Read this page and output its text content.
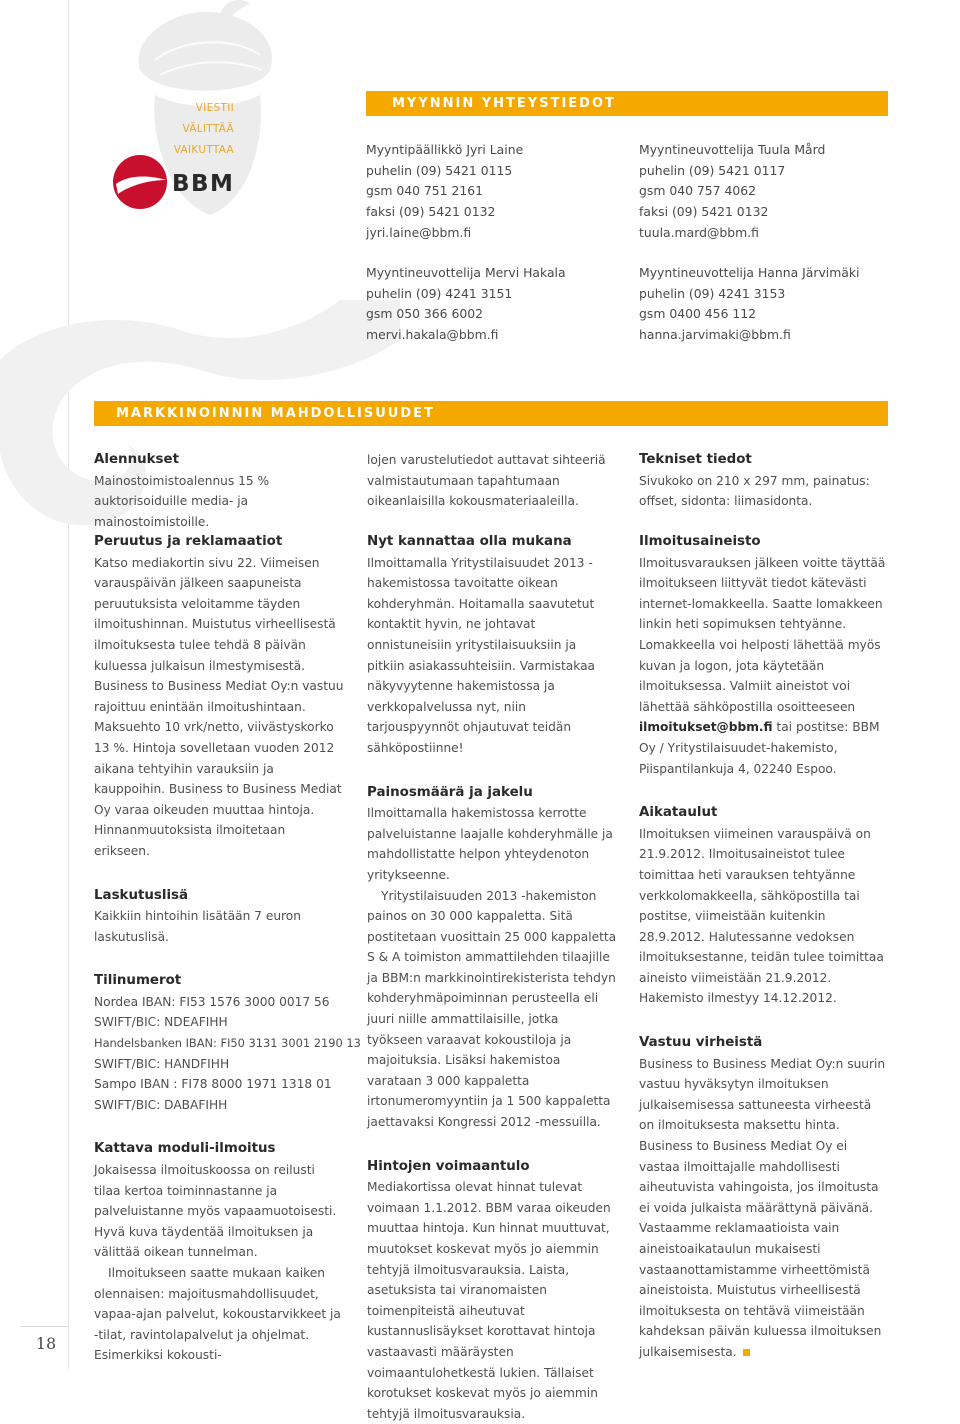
VIESTII
VÄLITTÄÄ
VAIKUTTAA
BBM
MYYNNIN YHTEYSTIEDOT
Myyntipäällikkö Jyri Laine
puhelin (09) 5421 0115
gsm 040 751 2161
faksi (09) 5421 0132
jyri.laine@bbm.fi
Myyntineuvottelija Tuula Mård
puhelin (09) 5421 0117
gsm 040 757 4062
faksi (09) 5421 0132
tuula.mard@bbm.fi
Myyntineuvottelija Mervi Hakala
puhelin (09) 4241 3151
gsm 050 366 6002
mervi.hakala@bbm.fi
Myyntineuvottelija Hanna Järvimäki
puhelin (09) 4241 3153
gsm 0400 456 112
hanna.jarvimaki@bbm.fi
MARKKINOINNIN MAHDOLLISUUDET
Alennukset

Mainostoimistoalennus 15 % auktorisoiduille media- ja mainostoimistoille.

lojen varustelutiedot auttavat sihteeriä valmistautumaan tapahtumaan oikeanlaisilla kokousmateriaaleilla.

Tekniset tiedot

Sivukoko on 210 x 297 mm, painatus: offset, sidonta: liimasidonta.

Peruutus ja reklamaatiot

Katso mediakortin sivu 22. Viimeisen varauspäivän jälkeen saapuneista peruutuksista veloitamme täyden ilmoitushinnan. Muistutus virheellisestä ilmoituksesta tulee tehdä 8 päivän kuluessa julkaisun ilmestymisestä. Business to Business Mediat Oy:n vastuu rajoittuu enintään ilmoitushintaan. Maksuehto 10 vrk/netto, viivästyskorko 13 %. Hintoja sovelletaan vuoden 2012 aikana tehtyihin varauksiin ja kauppoihin. Business to Business Mediat Oy varaa oikeuden muuttaa hintoja. Hinnanmuutoksista ilmoitetaan erikseen.

Laskutuslisä

Kaikkiin hintoihin lisätään 7 euron laskutuslisä.

Tilinumerot

Nordea IBAN: FI53 1576 3000 0017 56

SWIFT/BIC: NDEAFIHH

Handelsbanken IBAN: FI50 3131 3001 2190 13

SWIFT/BIC: HANDFIHH

Sampo IBAN : FI78 8000 1971 1318 01

SWIFT/BIC: DABAFIHH

Kattava moduli-ilmoitus

Jokaisessa ilmoituskoossa on reilusti tilaa kertoa toiminnastanne ja palveluistanne myös vapaamuotoisesti. Hyvä kuva täydentää ilmoituksen ja välittää oikean tunnelman.

Ilmoitukseen saatte mukaan kaiken olennaisen: majoitusmahdollisuudet, vapaa-ajan palvelut, kokoustarvikkeet ja -tilat, ravintolapalvelut ja ohjelmat. Esimerkiksi kokousti-

Nyt kannattaa olla mukana

Ilmoittamalla Yritystilaisuudet 2013 -hakemistossa tavoitatte oikean kohderyhmän. Hoitamalla saavutetut kontaktit hyvin, ne johtavat onnistuneisiin yritystilaisuuksiin ja pitkiin asiakassuhteisiin. Varmistakaa näkyvyytenne hakemistossa ja verkkopalvelussa nyt, niin tarjouspyynnöt ohjautuvat teidän sähköpostiinne!

Painosmäärä ja jakelu

Ilmoittamalla hakemistossa kerrotte palveluistanne laajalle kohderyhmälle ja mahdollistatte helpon yhteydenoton yritykseenne.

Yritystilaisuuden 2013 -hakemiston painos on 30 000 kappaletta. Sitä postitetaan vuosittain 25 000 kappaletta S & A toimiston ammattilehden tilaajille ja BBM:n markkinointirekisterista tehdyn kohderyhmäpoiminnan perusteella eli juuri niille ammattilaisille, jotka työkseen varaavat kokoustiloja ja majoituksia. Lisäksi hakemistoa varataan 3 000 kappaletta irtonumeromyyntiin ja 1 500 kappaletta jaettavaksi Kongressi 2012 -messuilla.

Hintojen voimaantulo

Mediakortissa olevat hinnat tulevat voimaan 1.1.2012. BBM varaa oikeuden muuttaa hintoja. Kun hinnat muuttuvat, muutokset koskevat myös jo aiemmin tehtyjä ilmoitusvarauksia. Laista, asetuksista tai viranomaisten toimenpiteistä aiheutuvat kustannuslisäykset korottavat hintoja vastaavasti määräysten voimaantulohetkestä lukien. Tällaiset korotukset koskevat myös jo aiemmin tehtyjä ilmoitusvarauksia.

Ilmoitusaineisto

Ilmoitusvarauksen jälkeen voitte täyttää ilmoitukseen liittyvät tiedot kätevästi internet-lomakkeella. Saatte lomakkeen linkin heti sopimuksen tehtyänne. Lomakkeella voi helposti lähettää myös kuvan ja logon, jota käytetään ilmoituksessa. Valmiit aineistot voi lähettää sähköpostilla osoitteeseen ilmoitukset@bbm.fi tai postitse: BBM Oy / Yritystilaisuudet-hakemisto, Piispantilankuja 4, 02240 Espoo.

Aikataulut

Ilmoituksen viimeinen varauspäivä on 21.9.2012. Ilmoitusaineistot tulee toimittaa heti varauksen tehtyänne verkkolomakkeella, sähköpostilla tai postitse, viimeistään kuitenkin 28.9.2012. Halutessanne vedoksen ilmoituksestanne, teidän tulee toimittaa aineisto viimeistään 21.9.2012. Hakemisto ilmestyy 14.12.2012.

Vastuu virheistä

Business to Business Mediat Oy:n suurin vastuu hyväksytyn ilmoituksen julkaisemisessa sattuneesta virheestä on ilmoituksesta maksettu hinta. Business to Business Mediat Oy ei vastaa ilmoittajalle mahdollisesti aiheutuvista vahingoista, jos ilmoitusta ei voida julkaista määrättynä päivänä. Vastaamme reklamaatioista vain aineistoaikataulun mukaisesti vastaanottamistamme virheettömistä aineistoista. Muistutus virheellisestä ilmoituksesta on tehtävä viimeistään kahdeksan päivän kuluessa ilmoituksen julkaisemisesta.

18
